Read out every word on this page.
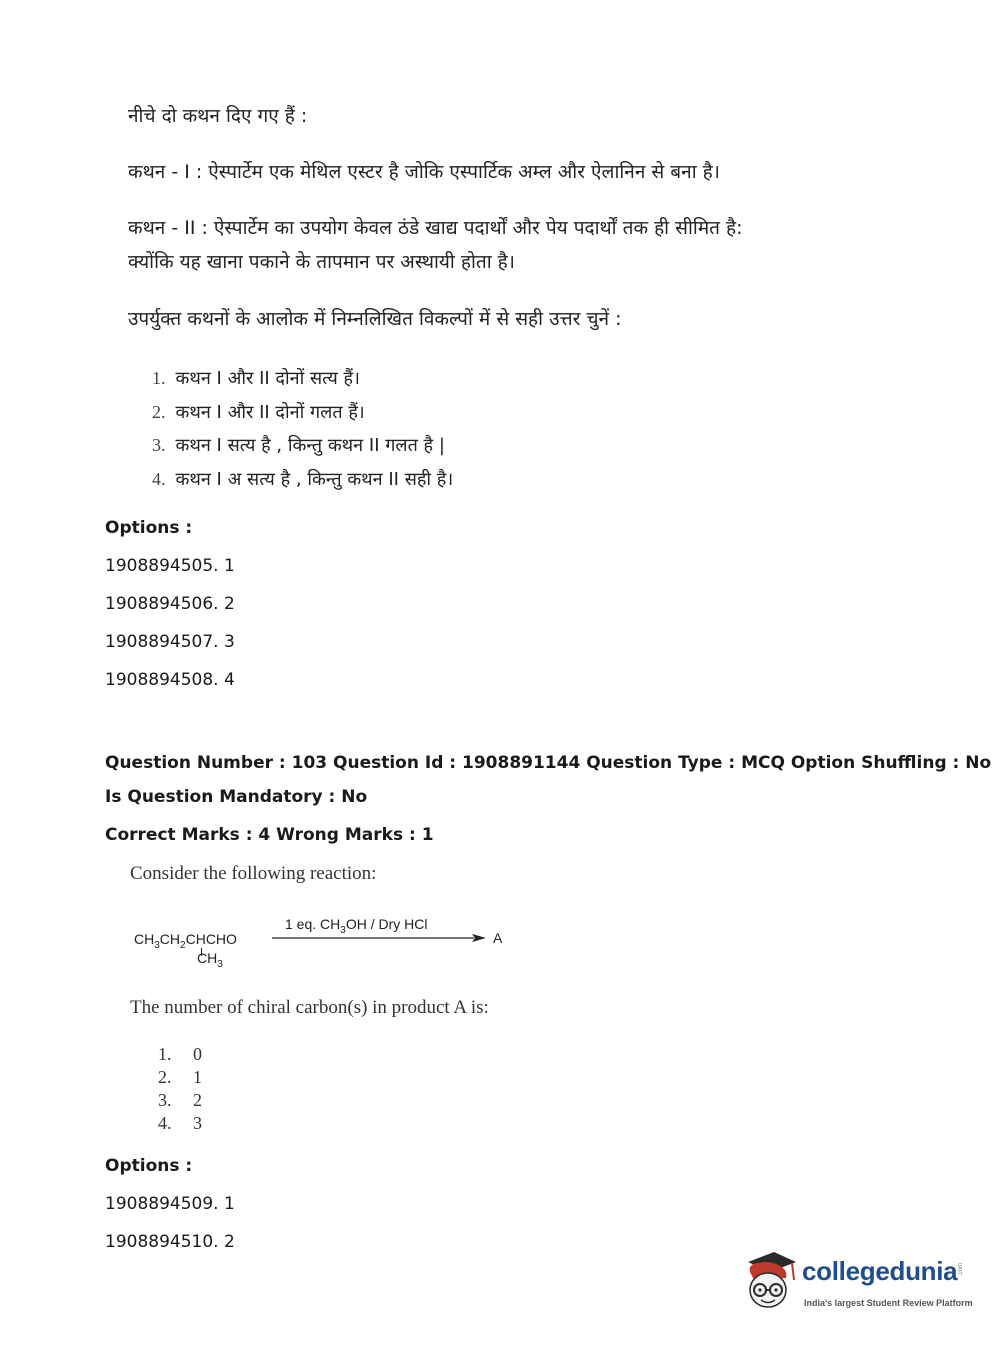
नीचे दो कथन दिए गए हैं :
कथन - I : ऐस्पार्टेम एक मेथिल एस्टर है जोकि एस्पार्टिक अम्ल और ऐलानिन से बना है।
कथन - II : ऐस्पार्टेम का उपयोग केवल ठंडे खाद्य पदार्थों और पेय पदार्थों तक ही सीमित है:
क्योंकि यह खाना पकाने के तापमान पर अस्थायी होता है।
उपर्युक्त कथनों के आलोक में निम्नलिखित विकल्पों में से सही उत्तर चुनें :
1. कथन I और II दोनों सत्य हैं।
2. कथन I और II दोनों गलत हैं।
3. कथन I सत्य है , किन्तु कथन II गलत है |
4. कथन I अ सत्य है , किन्तु कथन II सही है।
Options :
1908894505. 1
1908894506. 2
1908894507. 3
1908894508. 4
Question Number : 103 Question Id : 1908891144 Question Type : MCQ Option Shuffling : No
Is Question Mandatory : No
Correct Marks : 4 Wrong Marks : 1
Consider the following reaction:
$CH_3CH_2CHCHO$
$CH_3$
1 eq. $CH_3OH$ / Dry HCl
A
The number of chiral carbon(s) in product A is:
1. 0
2. 1
3. 2
4. 3
Options :
1908894509. 1
1908894510. 2
collegedunia .com
India's largest Student Review Platform
